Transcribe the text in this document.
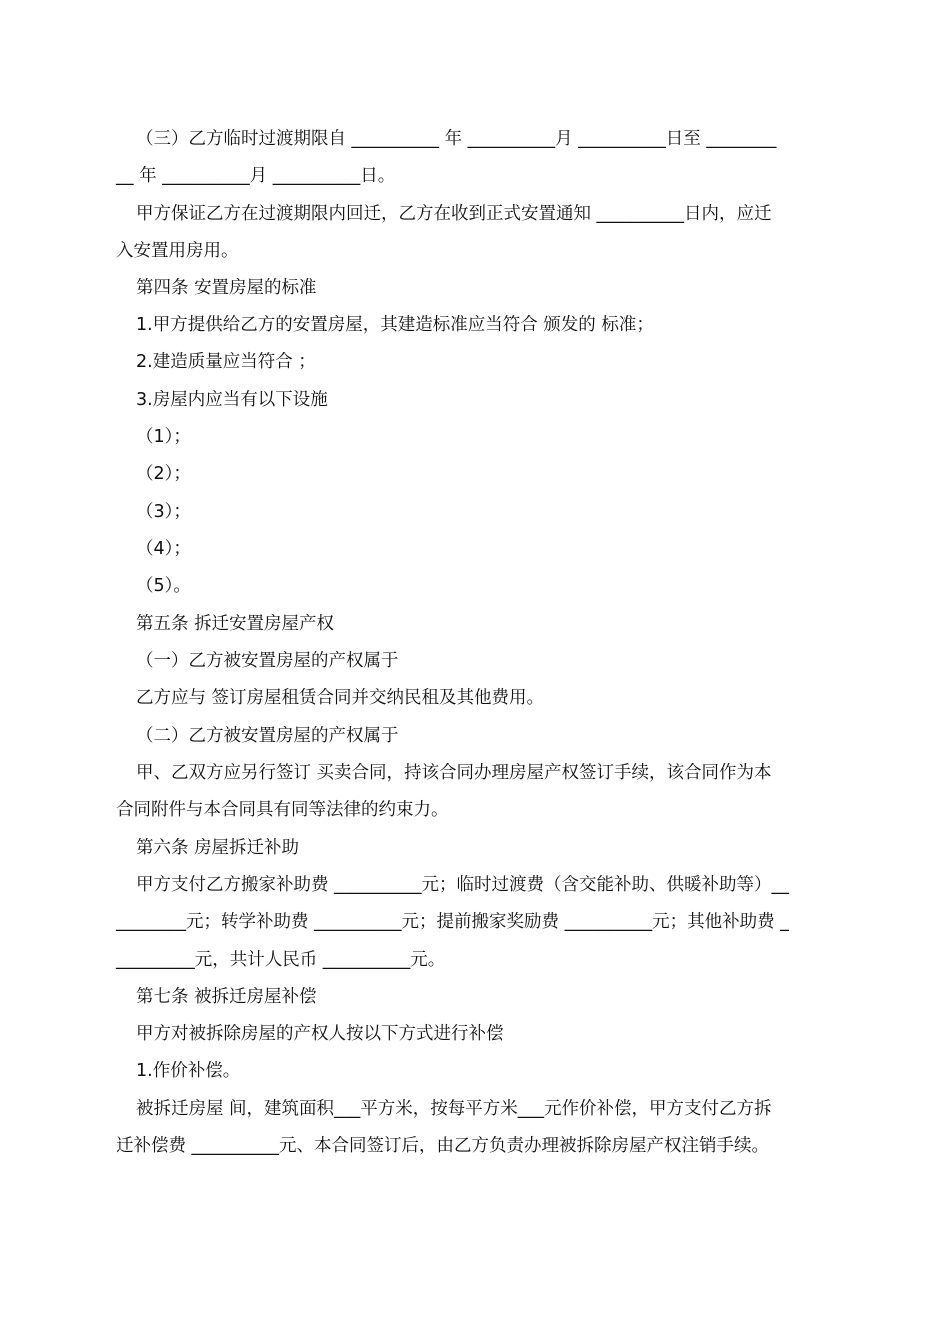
（三）乙方临时过渡期限自 __________ 年 __________月 __________日至 ________
__ 年 __________月 __________日。
甲方保证乙方在过渡期限内回迁，乙方在收到正式安置通知 __________日内，应迁
入安置用房用。
第四条 安置房屋的标准
1.甲方提供给乙方的安置房屋，其建造标准应当符合 颁发的 标准；
2.建造质量应当符合 ；
3.房屋内应当有以下设施
（1）；
（2）；
（3）；
（4）；
（5）。
第五条 拆迁安置房屋产权
（一）乙方被安置房屋的产权属于
乙方应与 签订房屋租赁合同并交纳民租及其他费用。
（二）乙方被安置房屋的产权属于
甲、乙双方应另行签订 买卖合同，持该合同办理房屋产权签订手续，该合同作为本
合同附件与本合同具有同等法律的约束力。
第六条 房屋拆迁补助
甲方支付乙方搬家补助费 __________元；临时过渡费（含交能补助、供暖补助等）__
________元；转学补助费 __________元；提前搬家奖励费 __________元；其他补助费 _
_________元，共计人民币 __________元。
第七条 被拆迁房屋补偿
甲方对被拆除房屋的产权人按以下方式进行补偿
1.作价补偿。
被拆迁房屋 间，建筑面积___平方米，按每平方米___元作价补偿，甲方支付乙方拆
迁补偿费 __________元、本合同签订后，由乙方负责办理被拆除房屋产权注销手续。
